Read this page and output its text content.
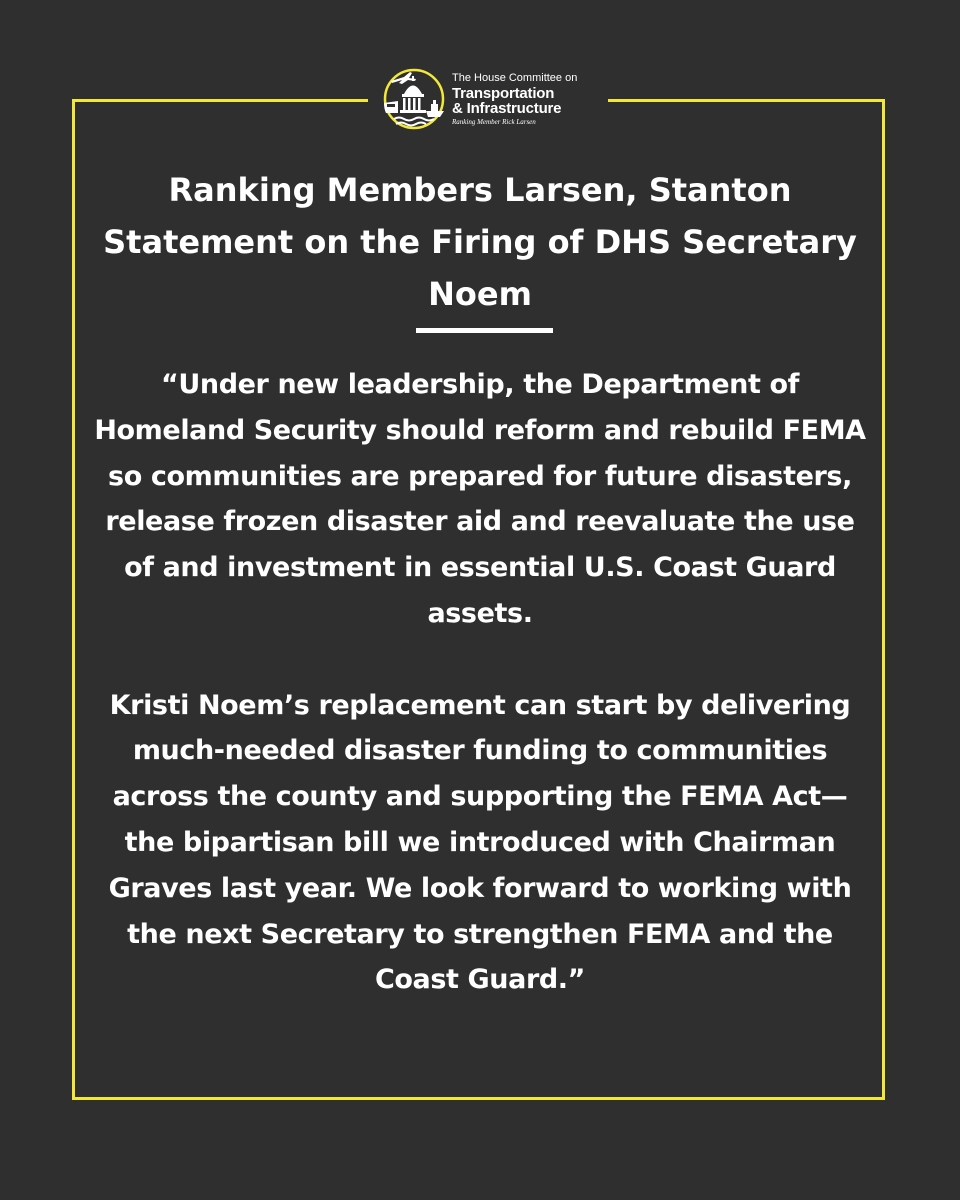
The House Committee on
Transportation
& Infrastructure
Ranking Member Rick Larsen
Ranking Members Larsen, Stanton Statement on the Firing of DHS Secretary Noem

“Under new leadership, the Department of Homeland Security should reform and rebuild FEMA so communities are prepared for future disasters, release frozen disaster aid and reevaluate the use of and investment in essential U.S. Coast Guard assets.

Kristi Noem’s replacement can start by delivering much-needed disaster funding to communities across the county and supporting the FEMA Act—the bipartisan bill we introduced with Chairman Graves last year. We look forward to working with the next Secretary to strengthen FEMA and the Coast Guard.”
